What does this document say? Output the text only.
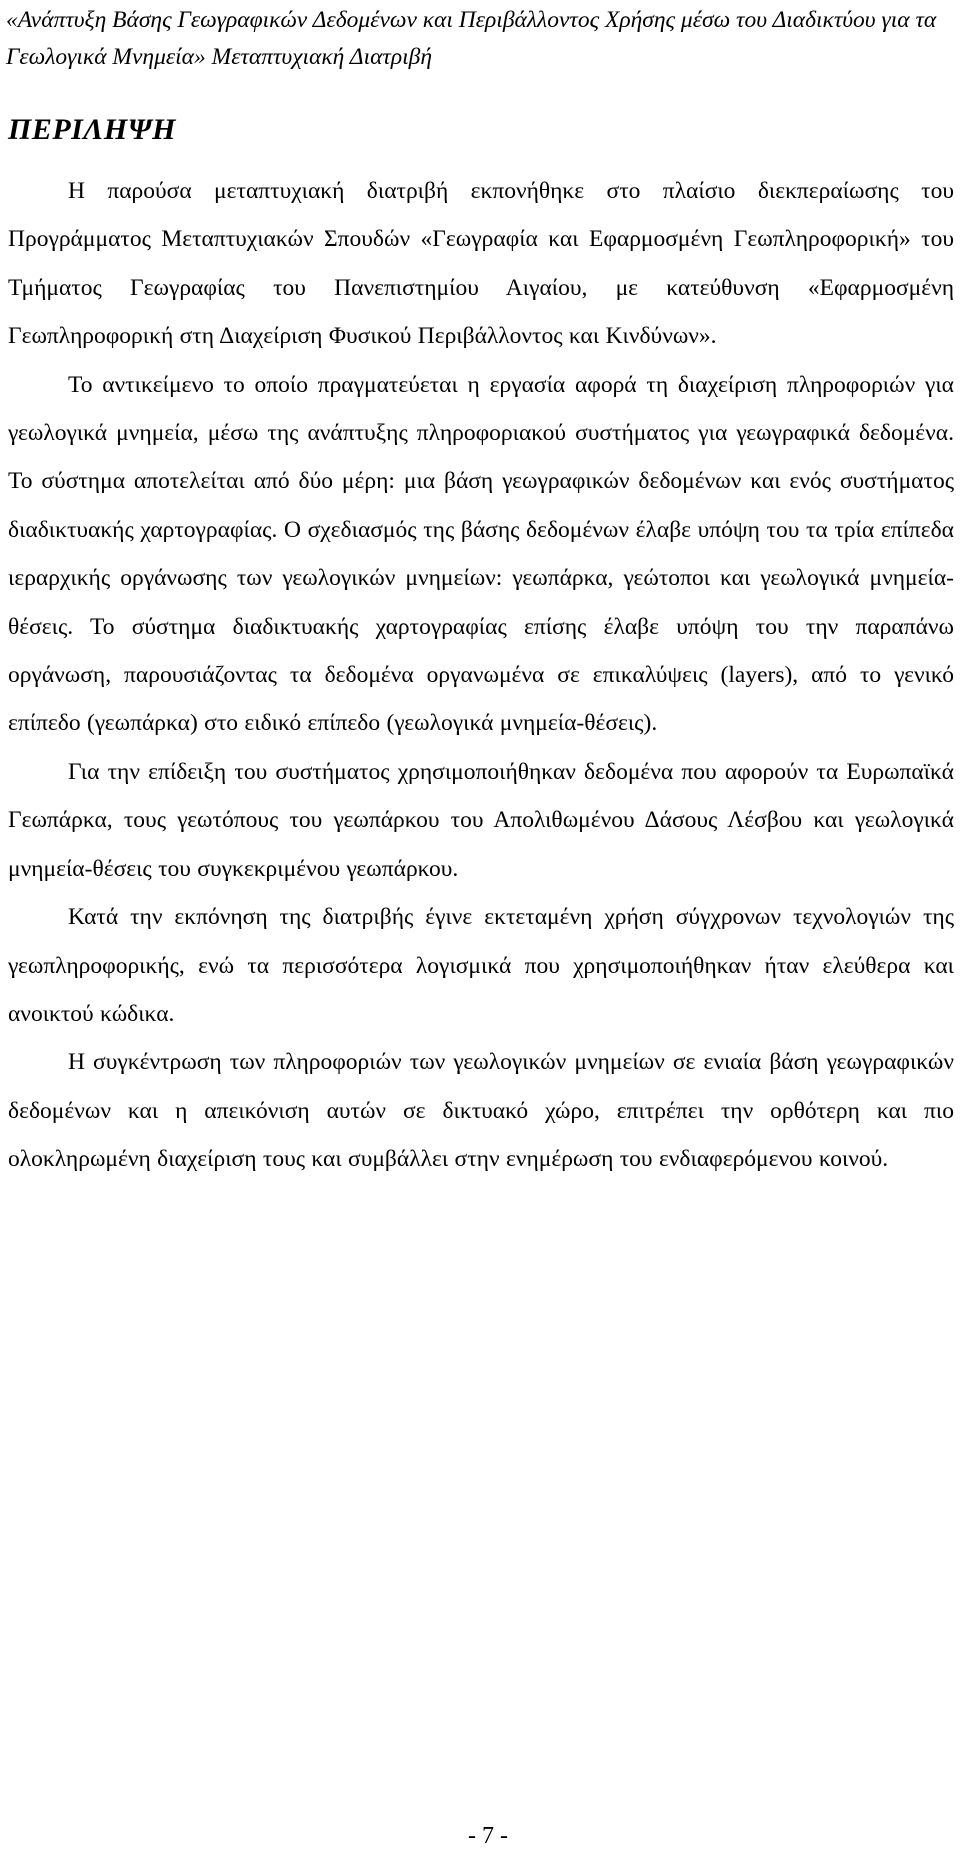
«Ανάπτυξη Βάσης Γεωγραφικών Δεδομένων και Περιβάλλοντος Χρήσης μέσω του Διαδικτύου για τα Γεωλογικά Μνημεία» Μεταπτυχιακή Διατριβή

ΠΕΡΙΛΗΨΗ

Η παρούσα μεταπτυχιακή διατριβή εκπονήθηκε στο πλαίσιο διεκπεραίωσης του Προγράμματος Μεταπτυχιακών Σπουδών «Γεωγραφία και Εφαρμοσμένη Γεωπληροφορική» του Τμήματος Γεωγραφίας του Πανεπιστημίου Αιγαίου, με κατεύθυνση «Εφαρμοσμένη Γεωπληροφορική στη Διαχείριση Φυσικού Περιβάλλοντος και Κινδύνων».

Το αντικείμενο το οποίο πραγματεύεται η εργασία αφορά τη διαχείριση πληροφοριών για γεωλογικά μνημεία, μέσω της ανάπτυξης πληροφοριακού συστήματος για γεωγραφικά δεδομένα. Το σύστημα αποτελείται από δύο μέρη: μια βάση γεωγραφικών δεδομένων και ενός συστήματος διαδικτυακής χαρτογραφίας. Ο σχεδιασμός της βάσης δεδομένων έλαβε υπόψη του τα τρία επίπεδα ιεραρχικής οργάνωσης των γεωλογικών μνημείων: γεωπάρκα, γεώτοποι και γεωλογικά μνημεία-θέσεις. Το σύστημα διαδικτυακής χαρτογραφίας επίσης έλαβε υπόψη του την παραπάνω οργάνωση, παρουσιάζοντας τα δεδομένα οργανωμένα σε επικαλύψεις (layers), από το γενικό επίπεδο (γεωπάρκα) στο ειδικό επίπεδο (γεωλογικά μνημεία-θέσεις).

Για την επίδειξη του συστήματος χρησιμοποιήθηκαν δεδομένα που αφορούν τα Ευρωπαϊκά Γεωπάρκα, τους γεωτόπους του γεωπάρκου του Απολιθωμένου Δάσους Λέσβου και γεωλογικά μνημεία-θέσεις του συγκεκριμένου γεωπάρκου.

Κατά την εκπόνηση της διατριβής έγινε εκτεταμένη χρήση σύγχρονων τεχνολογιών της γεωπληροφορικής, ενώ τα περισσότερα λογισμικά που χρησιμοποιήθηκαν ήταν ελεύθερα και ανοικτού κώδικα.

Η συγκέντρωση των πληροφοριών των γεωλογικών μνημείων σε ενιαία βάση γεωγραφικών δεδομένων και η απεικόνιση αυτών σε δικτυακό χώρο, επιτρέπει την ορθότερη και πιο ολοκληρωμένη διαχείριση τους και συμβάλλει στην ενημέρωση του ενδιαφερόμενου κοινού.

- 7 -
